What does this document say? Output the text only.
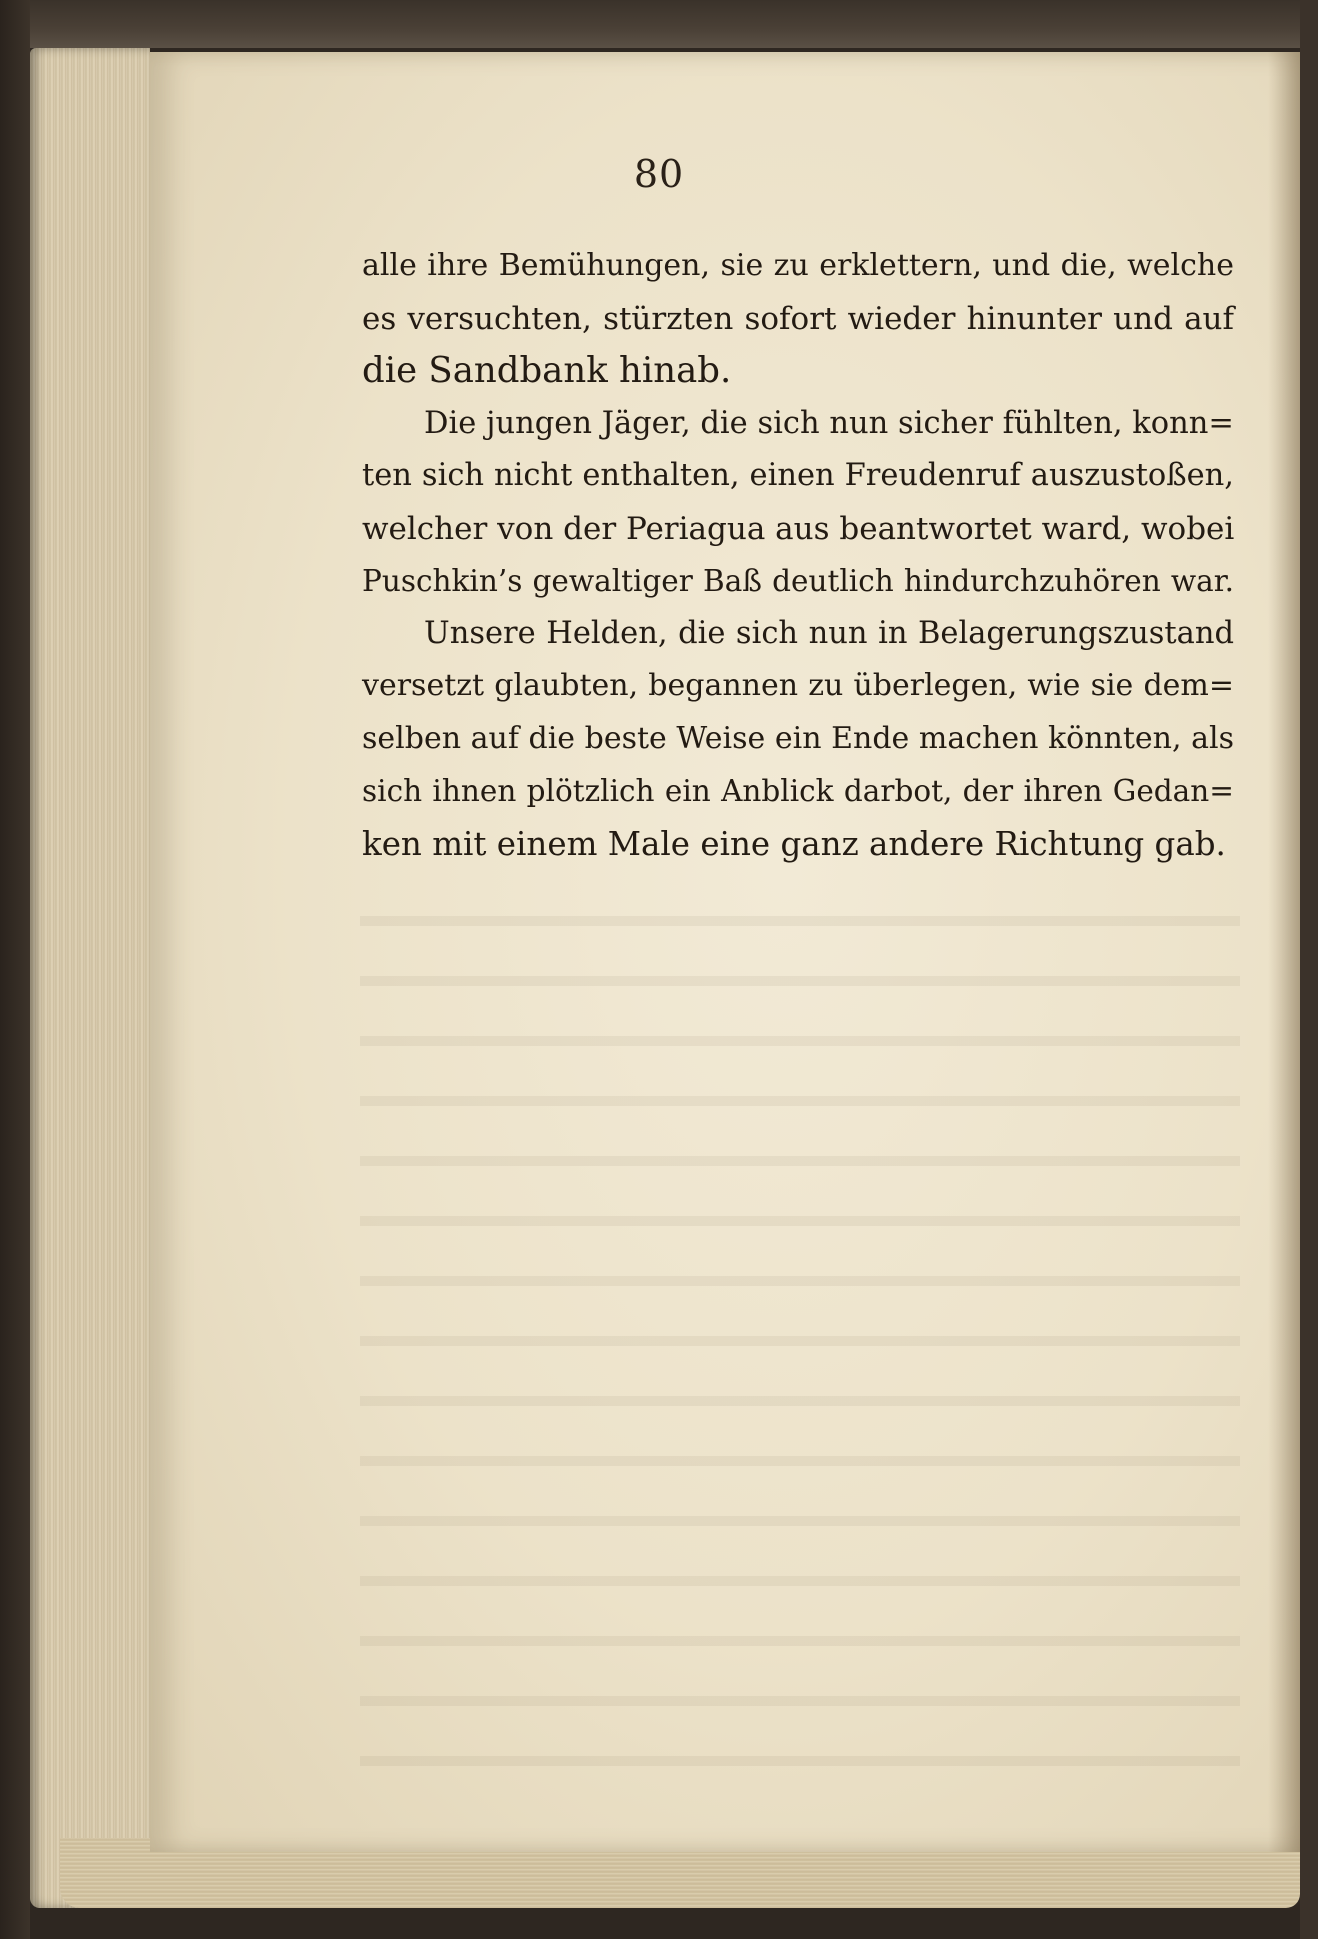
80
alle ihre Bemühungen, sie zu erklettern, und die, welche
es versuchten, stürzten sofort wieder hinunter und auf
die Sandbank hinab.
Die jungen Jäger, die sich nun sicher fühlten, konn=
ten sich nicht enthalten, einen Freudenruf auszustoßen,
welcher von der Periagua aus beantwortet ward, wobei
Puschkin’s gewaltiger Baß deutlich hindurchzuhören war.
Unsere Helden, die sich nun in Belagerungszustand
versetzt glaubten, begannen zu überlegen, wie sie dem=
selben auf die beste Weise ein Ende machen könnten, als
sich ihnen plötzlich ein Anblick darbot, der ihren Gedan=
ken mit einem Male eine ganz andere Richtung gab.
